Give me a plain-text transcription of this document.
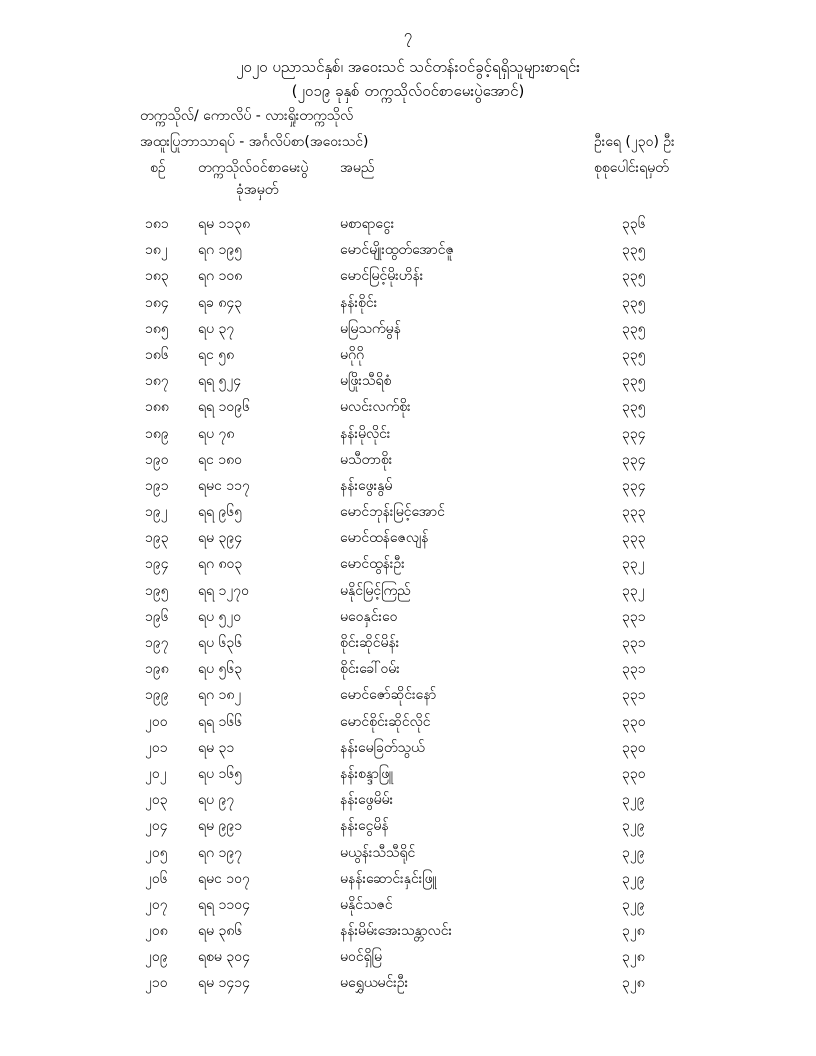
၇
၂၀၂၀ ပညာသင်နှစ်၊ အဝေးသင် သင်တန်းဝင်ခွင့်ရရှိသူများစာရင်း
(၂၀၁၉ ခုနှစ် တက္ကသိုလ်ဝင်စာမေးပွဲအောင်)
တက္ကသိုလ်/ ကောလိပ် - လားရှိုးတက္ကသိုလ်
အထူးပြုဘာသာရပ် - အင်္ဂလိပ်စာ(အဝေးသင်)	ဦးရေ (၂၃၀) ဦး
စဉ် တက္ကသိုလ်ဝင်စာမေးပွဲ
ခုံအမှတ်
အမည်	စုစုပေါင်းရမှတ်
၁၈၁ ရမ ၁၁၃၈	မစာရာငွေး	၃၃၆
၁၈၂ ရဂ ၁၉၅	မောင်မျိုးထွတ်အောင်ဇူ	၃၃၅
၁၈၃ ရဂ ၁၀၈	မောင်မြင့်မိုးဟိန်း	၃၃၅
၁၈၄ ရခ ၈၄၃	နန်းစိုင်း	၃၃၅
၁၈၅ ရပ ၃၇	မမြသက်မွန်	၃၃၅
၁၈၆ ရင ၅၈	မဂိုဂို	၃၃၅
၁၈၇ ရရ ၅၂၄	မဖြိုးသီရိစံ	၃၃၅
၁၈၈ ရရ ၁၀၉၆	မလင်းလက်စိုး	၃၃၅
၁၈၉ ရပ ၇၈	နန်းမိုလိုင်း	၃၃၄
၁၉၀ ရင ၁၈၀	မသီတာစိုး	၃၃၄
၁၉၁ ရမင ၁၁၇	နန်းဖွေးနွမ်	၃၃၄
၁၉၂ ရရ ၉၆၅	မောင်ဘုန်းမြင့်အောင်	၃၃၃
၁၉၃ ရမ ၃၉၄	မောင်ထန်ဇေလျန်	၃၃၃
၁၉၄ ရဂ ၈၀၃	မောင်ထွန်းဦး	၃၃၂
၁၉၅ ရရ ၁၂၇၀	မနိုင်မြင့်ကြည်	၃၃၂
၁၉၆ ရပ ၅၂၀	မဝေနှင်းဝေ	၃၃၁
၁၉၇ ရပ ၆၃၆	စိုင်းဆိုင်မိန်း	၃၃၁
၁၉၈ ရပ ၅၆၃	စိုင်းခေါ်ဝမ်း	၃၃၁
၁၉၉ ရဂ ၁၈၂	မောင်ဇော်ဆိုင်းနော်	၃၃၁
၂၀၀ ရရ ၁၆၆	မောင်စိုင်းဆိုင်လိုင်	၃၃၀
၂၀၁ ရမ ၃၁	နန်းမေခြတ်သွယ်	၃၃၀
၂၀၂ ရပ ၁၆၅	နန်းစန္ဒာဖြူ	၃၃၀
၂၀၃ ရပ ၉၇	နန်းဖွေမိမ်း	၃၂၉
၂၀၄ ရမ ၉၉၁	နန်းငွေမိန်	၃၂၉
၂၀၅ ရဂ ၁၉၇	မယွန်းသီသီရိုင်	၃၂၉
၂၀၆ ရမင ၁၀၇	မနန်းဆောင်းနှင်းဖြူ	၃၂၉
၂၀၇ ရရ ၁၁၀၄	မနိုင်သဇင်	၃၂၉
၂၀၈ ရမ ၃၈၆	နန်းမိမ်းအေးသန္တာလင်း	၃၂၈
၂၀၉ ရစမ ၃၀၄	မဝင်ရှိမြ	၃၂၈
၂၁၀ ရမ ၁၄၁၄	မရွှေယမင်းဦး	၃၂၈
